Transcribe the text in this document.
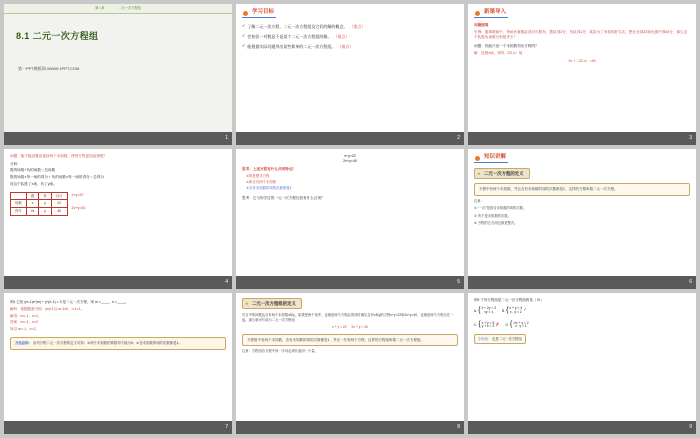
第八章	二元一次方程组
8.1 二元一次方程组
第一PPT模板网-WWW.1PPT.COM
1
学习目标
✔ 了解二元一次方程、二元一次方程组及它们的解的概念。 （重点）
✔ 会检验一对数是不是某个二元一次方程组的解。 （难点）
✔ 能根据实际问题列出某些简单的二元一次方程组。 （难点）
2
新课导入
问题情境
引例：篮球联赛中，每场比赛都必须分出胜负，胜队得2分，负队得1分，某队为了争取较好名次，想在全部22场比赛中得40分，那么这个队胜负场数分别是多少？
问题：你能只设一个未知数列出方程吗？
解：设胜x场，则负（22-x）场
2x +（22-x）=40
3
问题：能不能设置直接设两个未知数，使列方程更加直观呢？
分析：
胜的场数+负的场数＝总场数
胜的场数×每一场的得分＋负的场数×每一场的得分＝总得分
设这个队胜了x场，负了y场。
	胜	负	合计
场数	x	y	22
得分	2x	y	40
x+y=22
2x+y=40
4
x+y=22
2x+y=40
思考：上述方程有什么共同特点？
①都是整式方程
②都含有两个未知数
③含有未知数的项的次数都是1
思考：它与你学过的一元一次方程比较有什么区别？
5
知识讲解
★ 二元一次方程的定义
方程中有两个未知数，并且含有未知数的项的次数都是1，这样的方程叫做二元一次方程。
注意：
① “一次”是指含未知数的项的次数。
② 所不是未知数的次数。
③ 方程的左右两边都是整式。
6
例1 已知 (m-1)x^|m| + y^(n-1) = 3 是二元一次方程，则 m =____，n =____。
解析：根据题意可知：|m|=1且 m-1≠0，n-1=1，
解得：m=-1，n=2。
答案：m=-1，n=2
所以 m=-1，n=2。
方法总结： 由列方程二元一次方程的定义可知：①两个未知数的系数均不能为0；②含未知数的项的次数都是1。
7
★ 二元一次方程组的定义
引言中的问题也含有两个未知数x和y，如果把两个条件，也就是两个方程必须同时满足含有x和y的方程x+y=22和2x+y=40，也就是两个方程合在一起，那么就可写成为二元一次方程组
x + y = 22 2x + y = 40
方程组中有两个未知数，含有未知数的项的次数都是1，并且一共有两个方程，这样的方程组叫做二元一次方程组。
注意：方程组各方程中同一字母必须代表同一个量。
8
例2 下列方程组是二元一次方程组的是（ B ）
A. { x + 2y = 3
xy = 1	B. { x + y = 4
x - y = 2 ✓
C. { x + y = 5
y + z = 3 ✗ D. { 1/x + y = 2
x - y = 1
小结论： 也是二元一次方程组
9
